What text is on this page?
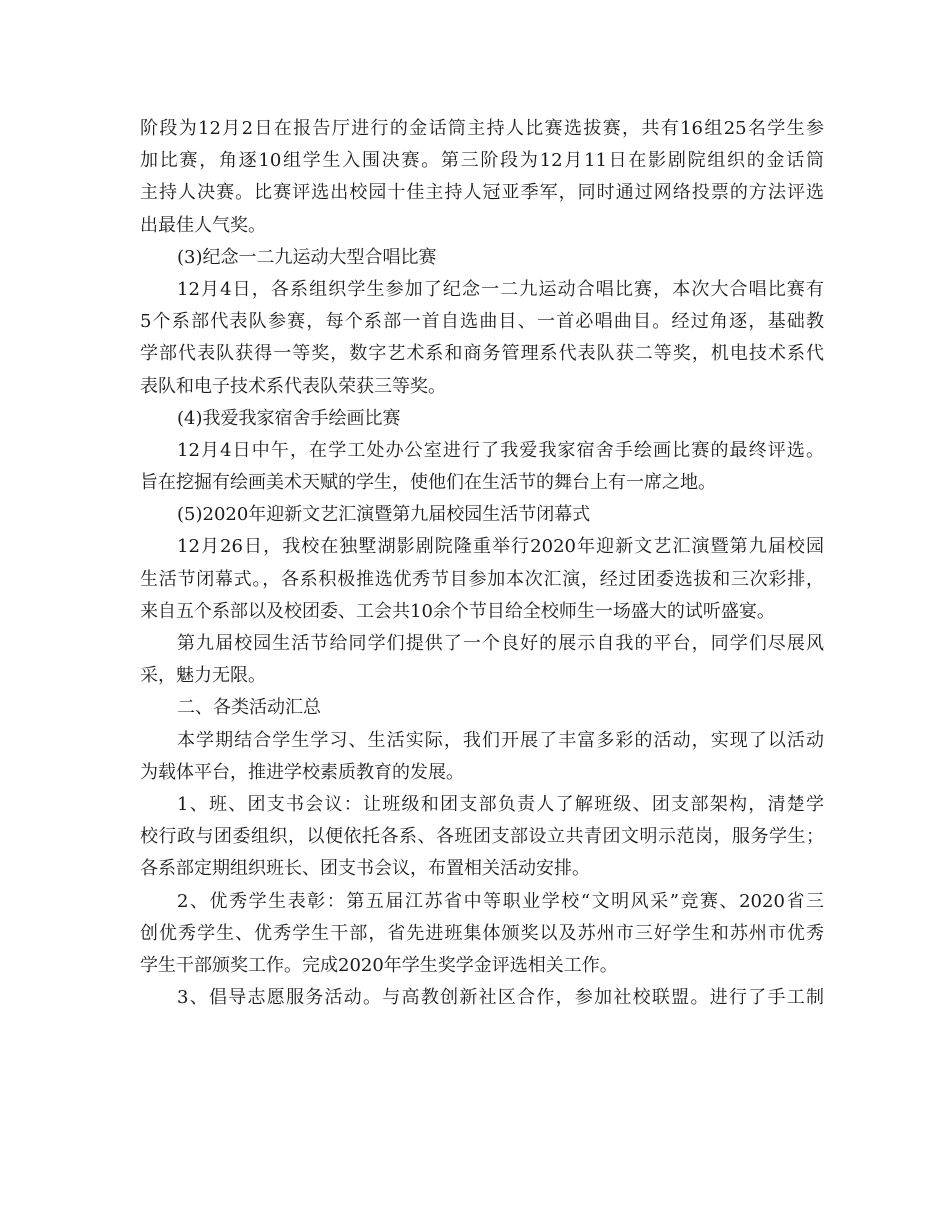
阶段为12月2日在报告厅进行的金话筒主持人比赛选拔赛，共有16组25名学生参
加比赛，角逐10组学生入围决赛。第三阶段为12月11日在影剧院组织的金话筒
主持人决赛。比赛评选出校园十佳主持人冠亚季军，同时通过网络投票的方法评选
出最佳人气奖。
(3)纪念一二九运动大型合唱比赛
12月4日，各系组织学生参加了纪念一二九运动合唱比赛，本次大合唱比赛有
5个系部代表队参赛，每个系部一首自选曲目、一首必唱曲目。经过角逐，基础教
学部代表队获得一等奖，数字艺术系和商务管理系代表队获二等奖，机电技术系代
表队和电子技术系代表队荣获三等奖。
(4)我爱我家宿舍手绘画比赛
12月4日中午，在学工处办公室进行了我爱我家宿舍手绘画比赛的最终评选。
旨在挖掘有绘画美术天赋的学生，使他们在生活节的舞台上有一席之地。
(5)2020年迎新文艺汇演暨第九届校园生活节闭幕式
12月26日，我校在独墅湖影剧院隆重举行2020年迎新文艺汇演暨第九届校园
生活节闭幕式。，各系积极推选优秀节目参加本次汇演，经过团委选拔和三次彩排，
来自五个系部以及校团委、工会共10余个节目给全校师生一场盛大的试听盛宴。
第九届校园生活节给同学们提供了一个良好的展示自我的平台，同学们尽展风
采，魅力无限。
二、各类活动汇总
本学期结合学生学习、生活实际，我们开展了丰富多彩的活动，实现了以活动
为载体平台，推进学校素质教育的发展。
1、班、团支书会议：让班级和团支部负责人了解班级、团支部架构，清楚学
校行政与团委组织，以便依托各系、各班团支部设立共青团文明示范岗，服务学生；
各系部定期组织班长、团支书会议，布置相关活动安排。
2、优秀学生表彰：第五届江苏省中等职业学校“文明风采”竞赛、2020省三
创优秀学生、优秀学生干部，省先进班集体颁奖以及苏州市三好学生和苏州市优秀
学生干部颁奖工作。完成2020年学生奖学金评选相关工作。
3、倡导志愿服务活动。与高教创新社区合作，参加社校联盟。进行了手工制
